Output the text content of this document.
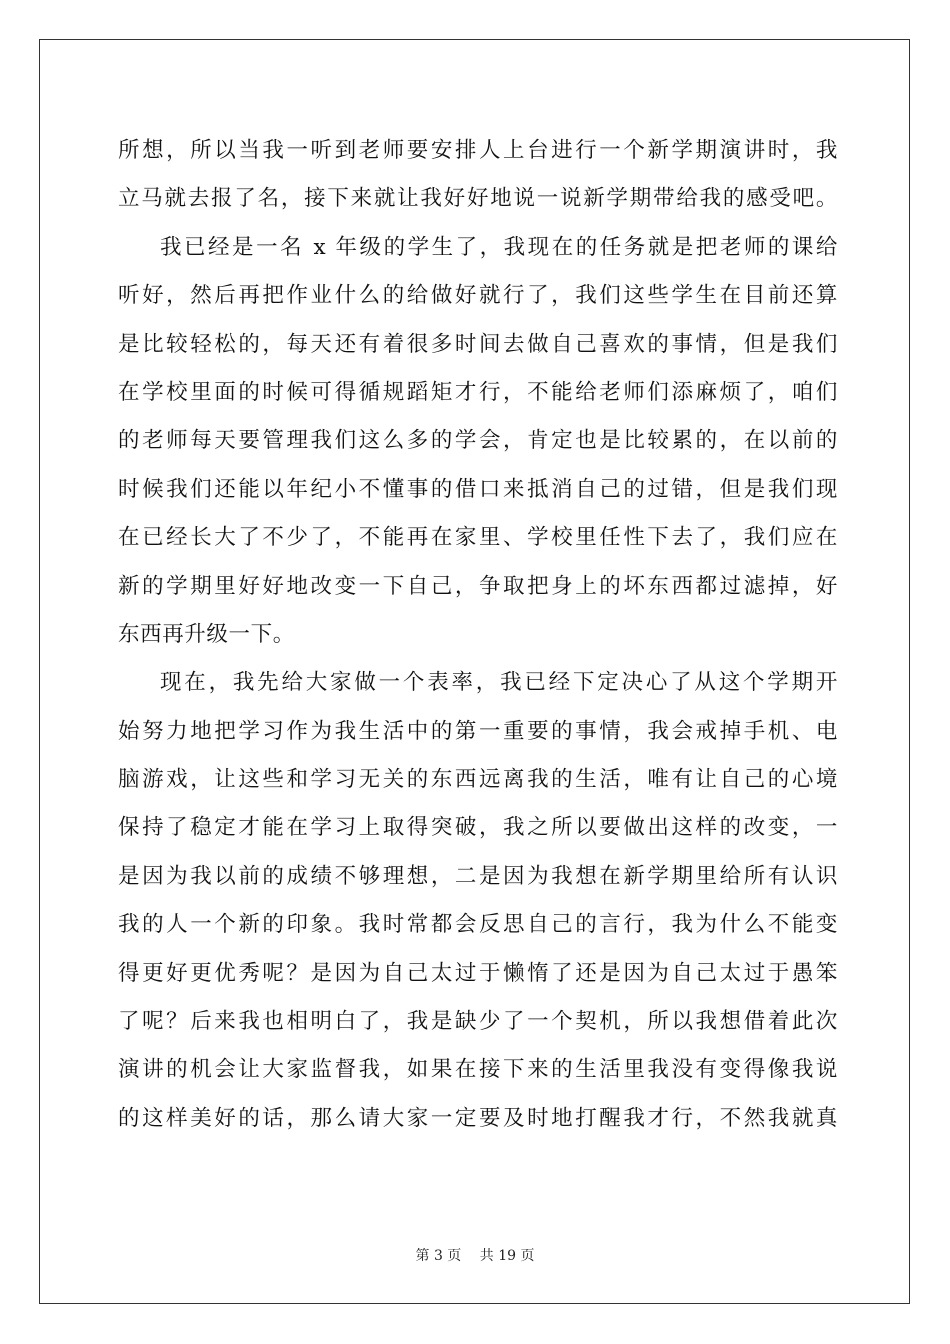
所想，所以当我一听到老师要安排人上台进行一个新学期演讲时，我
立马就去报了名，接下来就让我好好地说一说新学期带给我的感受吧。
我已经是一名 x 年级的学生了，我现在的任务就是把老师的课给
听好，然后再把作业什么的给做好就行了，我们这些学生在目前还算
是比较轻松的，每天还有着很多时间去做自己喜欢的事情，但是我们
在学校里面的时候可得循规蹈矩才行，不能给老师们添麻烦了，咱们
的老师每天要管理我们这么多的学会，肯定也是比较累的，在以前的
时候我们还能以年纪小不懂事的借口来抵消自己的过错，但是我们现
在已经长大了不少了，不能再在家里、学校里任性下去了，我们应在
新的学期里好好地改变一下自己，争取把身上的坏东西都过滤掉，好
东西再升级一下。
现在，我先给大家做一个表率，我已经下定决心了从这个学期开
始努力地把学习作为我生活中的第一重要的事情，我会戒掉手机、电
脑游戏，让这些和学习无关的东西远离我的生活，唯有让自己的心境
保持了稳定才能在学习上取得突破，我之所以要做出这样的改变，一
是因为我以前的成绩不够理想，二是因为我想在新学期里给所有认识
我的人一个新的印象。我时常都会反思自己的言行，我为什么不能变
得更好更优秀呢？是因为自己太过于懒惰了还是因为自己太过于愚笨
了呢？后来我也相明白了，我是缺少了一个契机，所以我想借着此次
演讲的机会让大家监督我，如果在接下来的生活里我没有变得像我说
的这样美好的话，那么请大家一定要及时地打醒我才行，不然我就真
第 3 页 共 19 页
